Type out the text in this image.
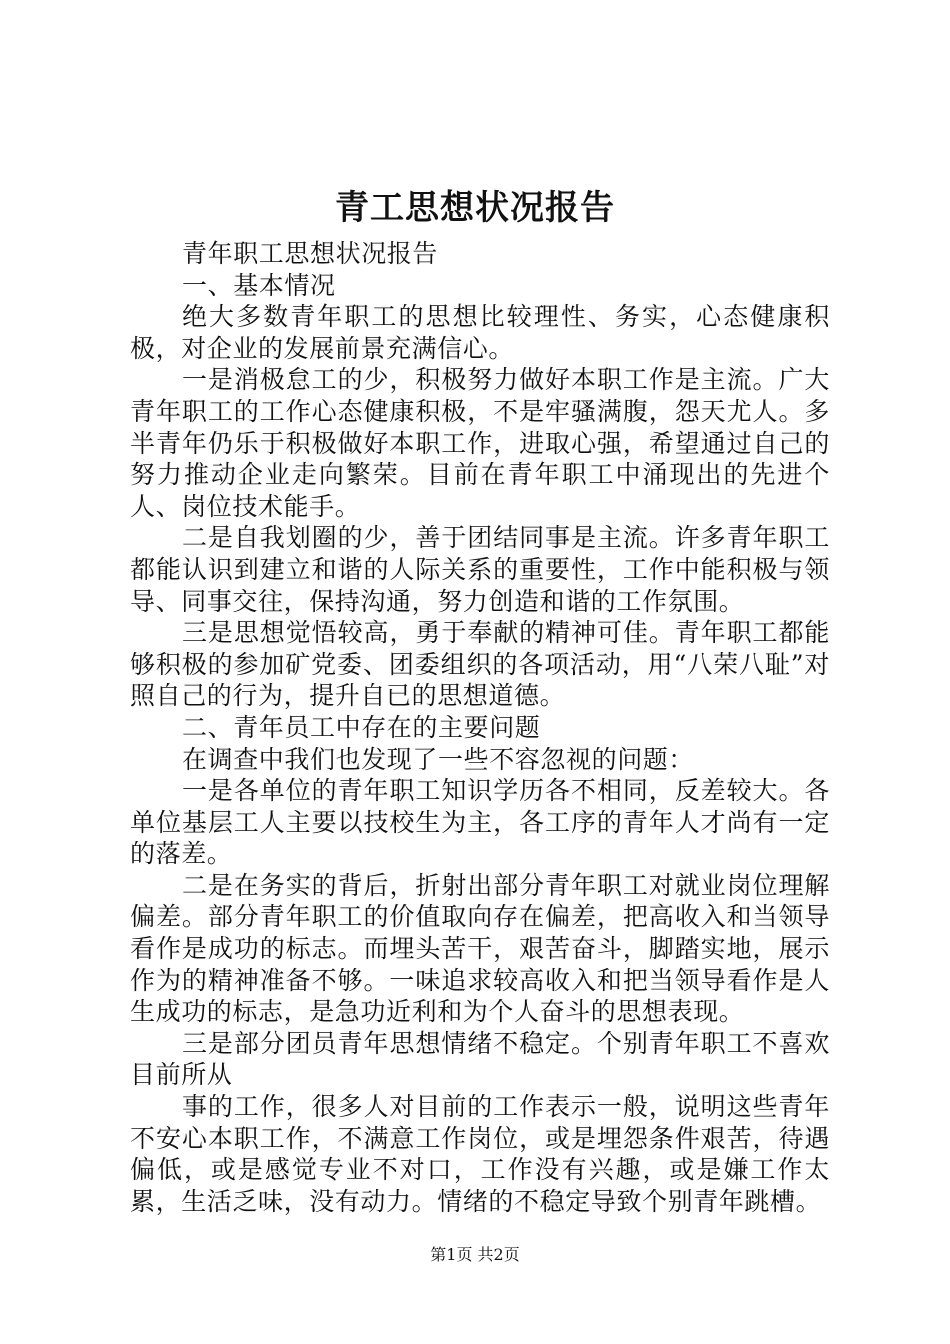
青工思想状况报告

青年职工思想状况报告

一、基本情况

绝大多数青年职工的思想比较理性、务实，心态健康积极，对企业的发展前景充满信心。

一是消极怠工的少，积极努力做好本职工作是主流。广大青年职工的工作心态健康积极，不是牢骚满腹，怨天尤人。多半青年仍乐于积极做好本职工作，进取心强，希望通过自己的努力推动企业走向繁荣。目前在青年职工中涌现出的先进个人、岗位技术能手。

二是自我划圈的少，善于团结同事是主流。许多青年职工都能认识到建立和谐的人际关系的重要性，工作中能积极与领导、同事交往，保持沟通，努力创造和谐的工作氛围。

三是思想觉悟较高，勇于奉献的精神可佳。青年职工都能够积极的参加矿党委、团委组织的各项活动，用“八荣八耻”对照自己的行为，提升自已的思想道德。

二、青年员工中存在的主要问题

在调查中我们也发现了一些不容忽视的问题：

一是各单位的青年职工知识学历各不相同，反差较大。各单位基层工人主要以技校生为主，各工序的青年人才尚有一定的落差。

二是在务实的背后，折射出部分青年职工对就业岗位理解偏差。部分青年职工的价值取向存在偏差，把高收入和当领导看作是成功的标志。而埋头苦干，艰苦奋斗，脚踏实地，展示作为的精神准备不够。一味追求较高收入和把当领导看作是人生成功的标志，是急功近利和为个人奋斗的思想表现。

三是部分团员青年思想情绪不稳定。个别青年职工不喜欢目前所从

事的工作，很多人对目前的工作表示一般，说明这些青年不安心本职工作，不满意工作岗位，或是埋怨条件艰苦，待遇偏低，或是感觉专业不对口，工作没有兴趣，或是嫌工作太累，生活乏味，没有动力。情绪的不稳定导致个别青年跳槽。

第1页 共2页
